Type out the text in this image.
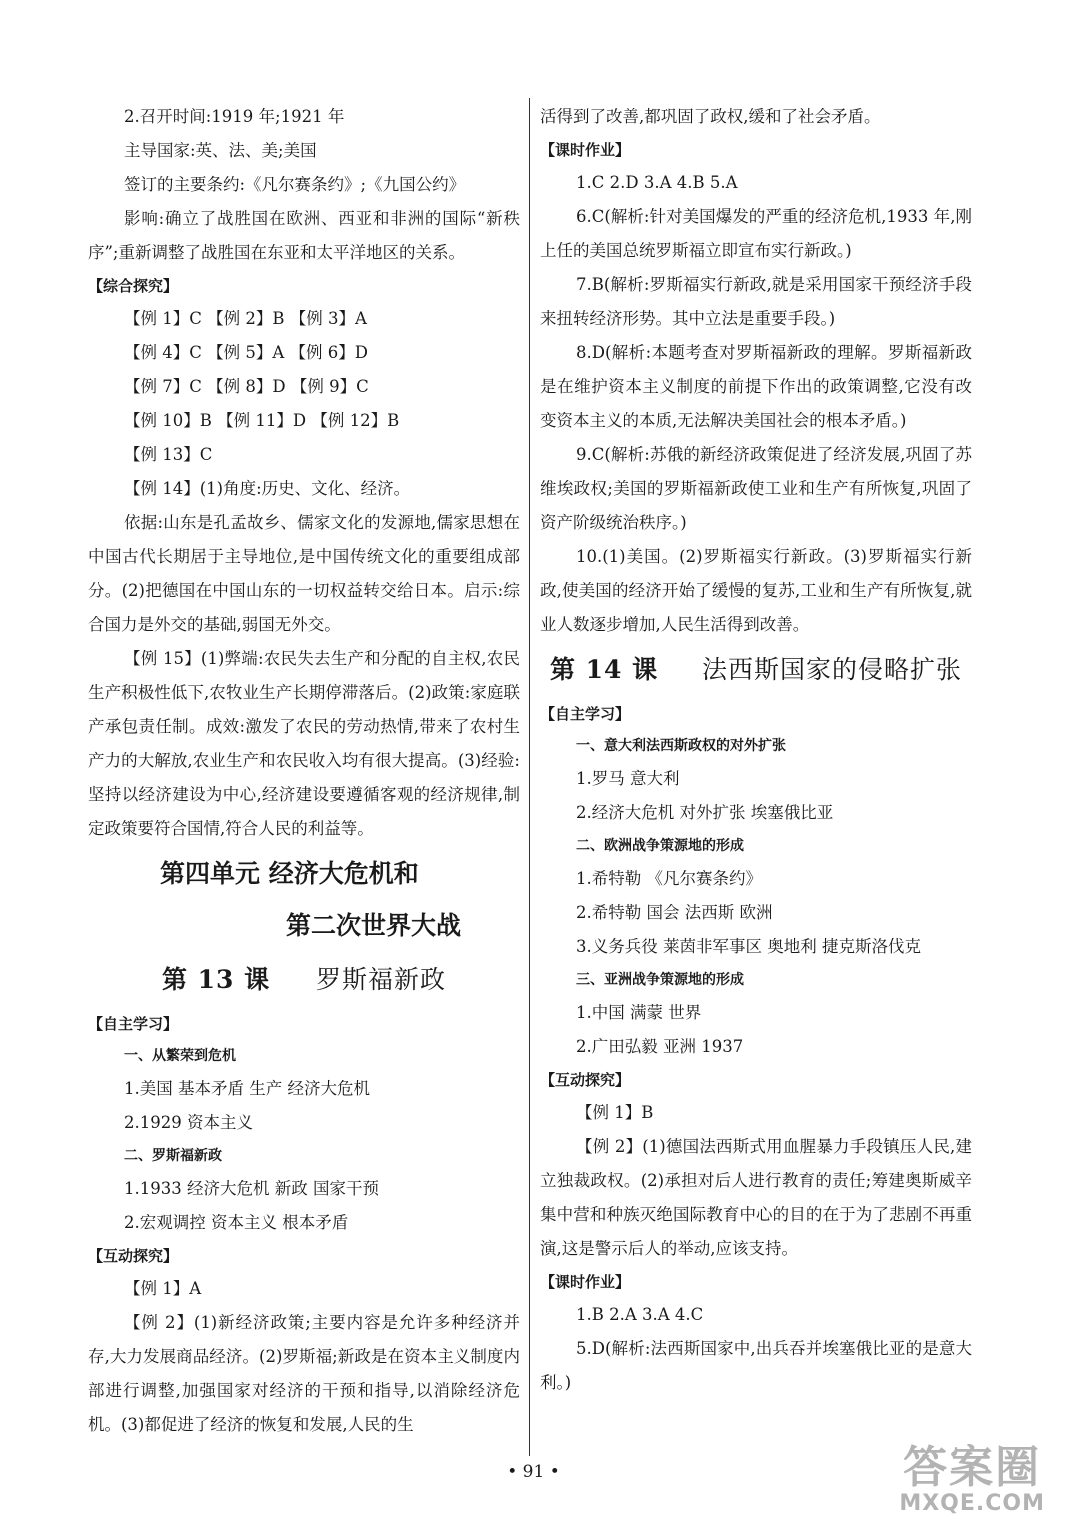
2.召开时间:1919 年;1921 年
主导国家:英、法、美;美国
签订的主要条约:《凡尔赛条约》;《九国公约》
影响:确立了战胜国在欧洲、西亚和非洲的国际“新秩序”;重新调整了战胜国在东亚和太平洋地区的关系。
【综合探究】
【例 1】C 【例 2】B 【例 3】A
【例 4】C 【例 5】A 【例 6】D
【例 7】C 【例 8】D 【例 9】C
【例 10】B 【例 11】D 【例 12】B
【例 13】C
【例 14】(1)角度:历史、文化、经济。
依据:山东是孔孟故乡、儒家文化的发源地,儒家思想在中国古代长期居于主导地位,是中国传统文化的重要组成部分。(2)把德国在中国山东的一切权益转交给日本。启示:综合国力是外交的基础,弱国无外交。
【例 15】(1)弊端:农民失去生产和分配的自主权,农民生产积极性低下,农牧业生产长期停滞落后。(2)政策:家庭联产承包责任制。成效:激发了农民的劳动热情,带来了农村生产力的大解放,农业生产和农民收入均有很大提高。(3)经验:坚持以经济建设为中心,经济建设要遵循客观的经济规律,制定政策要符合国情,符合人民的利益等。
第四单元 经济大危机和
第二次世界大战
第 13 课 罗斯福新政
【自主学习】
一、从繁荣到危机
1.美国 基本矛盾 生产 经济大危机
2.1929 资本主义
二、罗斯福新政
1.1933 经济大危机 新政 国家干预
2.宏观调控 资本主义 根本矛盾
【互动探究】
【例 1】A
【例 2】(1)新经济政策;主要内容是允许多种经济并存,大力发展商品经济。(2)罗斯福;新政是在资本主义制度内部进行调整,加强国家对经济的干预和指导,以消除经济危机。(3)都促进了经济的恢复和发展,人民的生
活得到了改善,都巩固了政权,缓和了社会矛盾。
【课时作业】
1.C 2.D 3.A 4.B 5.A
6.C(解析:针对美国爆发的严重的经济危机,1933 年,刚上任的美国总统罗斯福立即宣布实行新政。)
7.B(解析:罗斯福实行新政,就是采用国家干预经济手段来扭转经济形势。其中立法是重要手段。)
8.D(解析:本题考查对罗斯福新政的理解。罗斯福新政是在维护资本主义制度的前提下作出的政策调整,它没有改变资本主义的本质,无法解决美国社会的根本矛盾。)
9.C(解析:苏俄的新经济政策促进了经济发展,巩固了苏维埃政权;美国的罗斯福新政使工业和生产有所恢复,巩固了资产阶级统治秩序。)
10.(1)美国。(2)罗斯福实行新政。(3)罗斯福实行新政,使美国的经济开始了缓慢的复苏,工业和生产有所恢复,就业人数逐步增加,人民生活得到改善。
第 14 课 法西斯国家的侵略扩张
【自主学习】
一、意大利法西斯政权的对外扩张
1.罗马 意大利
2.经济大危机 对外扩张 埃塞俄比亚
二、欧洲战争策源地的形成
1.希特勒 《凡尔赛条约》
2.希特勒 国会 法西斯 欧洲
3.义务兵役 莱茵非军事区 奥地利 捷克斯洛伐克
三、亚洲战争策源地的形成
1.中国 满蒙 世界
2.广田弘毅 亚洲 1937
【互动探究】
【例 1】B
【例 2】(1)德国法西斯式用血腥暴力手段镇压人民,建立独裁政权。(2)承担对后人进行教育的责任;筹建奥斯威辛集中营和种族灭绝国际教育中心的目的在于为了悲剧不再重演,这是警示后人的举动,应该支持。
【课时作业】
1.B 2.A 3.A 4.C
5.D(解析:法西斯国家中,出兵吞并埃塞俄比亚的是意大利。)
• 91 •	答案圈
MXQE.COM
